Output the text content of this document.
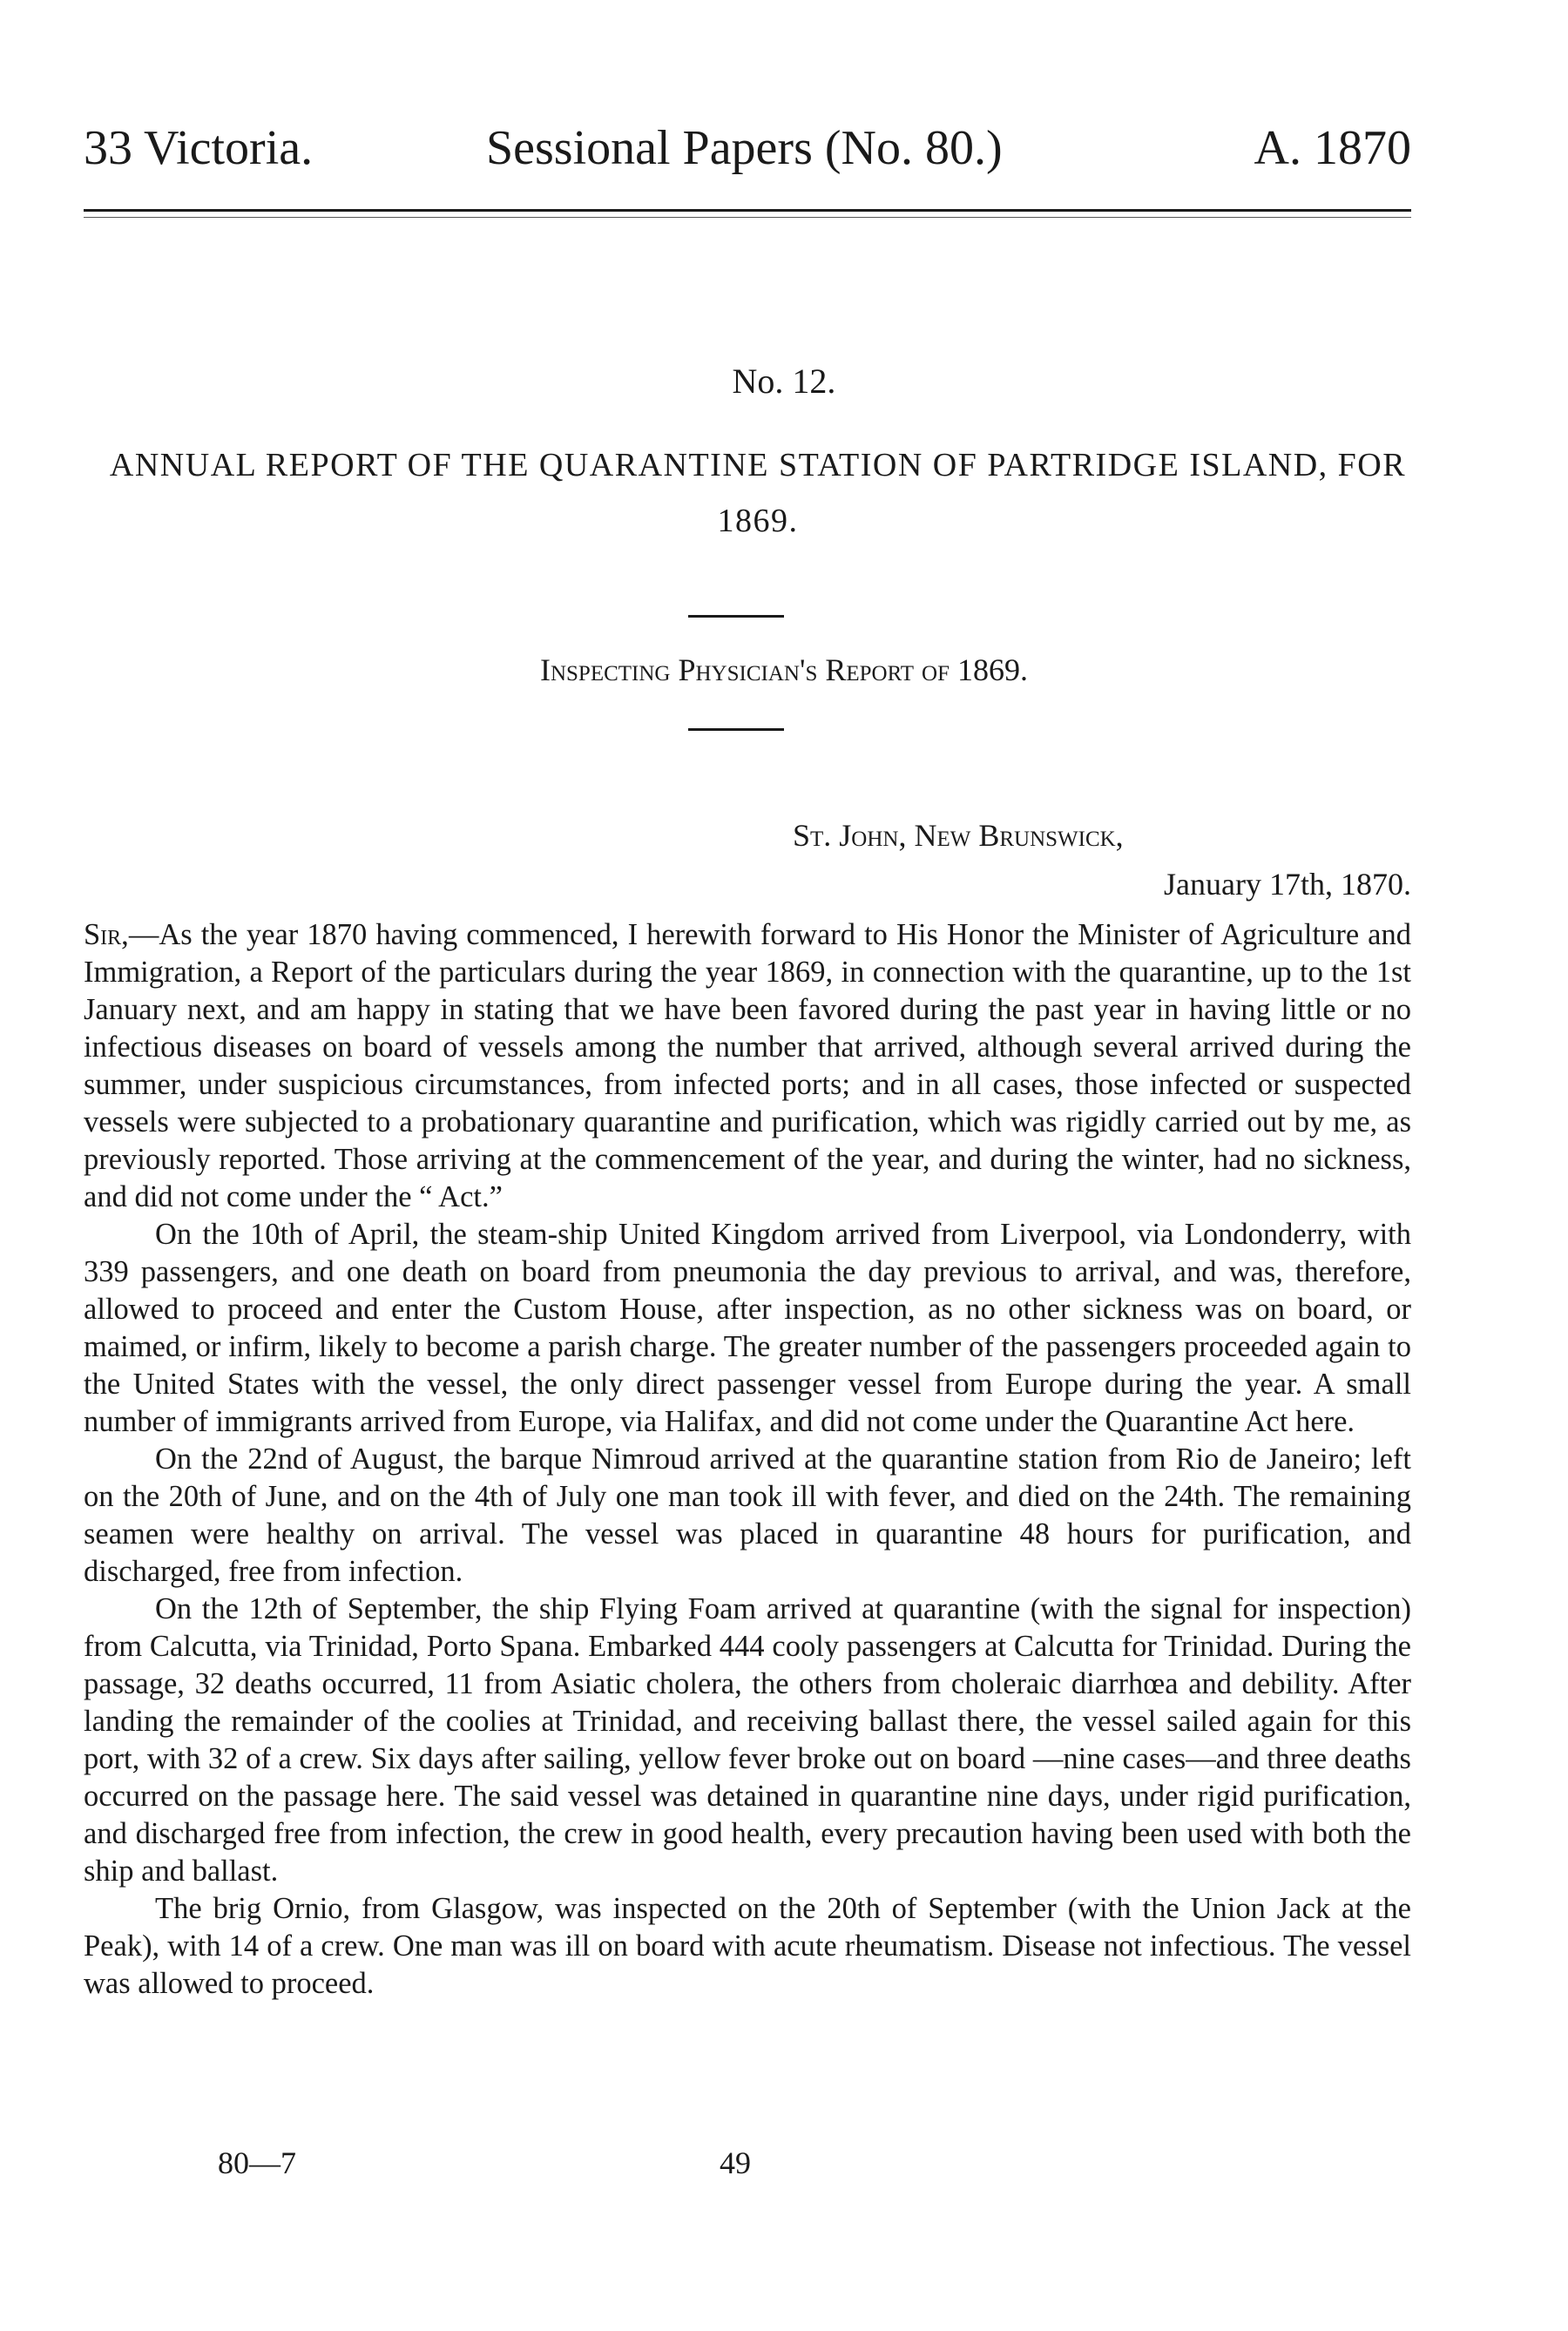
33 Victoria.	Sessional Papers (No. 80.)	A. 1870
No. 12.
ANNUAL REPORT OF THE QUARANTINE STATION OF PARTRIDGE ISLAND, FOR 1869.
Inspecting Physician's Report of 1869.
St. John, New Brunswick,
January 17th, 1870.

Sir,—As the year 1870 having commenced, I herewith forward to His Honor the Minister of Agriculture and Immigration, a Report of the particulars during the year 1869, in connection with the quarantine, up to the 1st January next, and am happy in stating that we have been favored during the past year in having little or no infectious diseases on board of vessels among the number that arrived, although several arrived during the summer, under suspicious circumstances, from infected ports; and in all cases, those infected or suspected vessels were subjected to a probationary quarantine and purification, which was rigidly carried out by me, as previously reported. Those arriving at the commencement of the year, and during the winter, had no sickness, and did not come under the “ Act.”

On the 10th of April, the steam-ship United Kingdom arrived from Liverpool, via Londonderry, with 339 passengers, and one death on board from pneumonia the day previous to arrival, and was, therefore, allowed to proceed and enter the Custom House, after inspection, as no other sickness was on board, or maimed, or infirm, likely to become a parish charge. The greater number of the passengers proceeded again to the United States with the vessel, the only direct passenger vessel from Europe during the year. A small number of immigrants arrived from Europe, via Halifax, and did not come under the Quarantine Act here.

On the 22nd of August, the barque Nimroud arrived at the quarantine station from Rio de Janeiro; left on the 20th of June, and on the 4th of July one man took ill with fever, and died on the 24th. The remaining seamen were healthy on arrival. The vessel was placed in quarantine 48 hours for purification, and discharged, free from infection.

On the 12th of September, the ship Flying Foam arrived at quarantine (with the signal for inspection) from Calcutta, via Trinidad, Porto Spana. Embarked 444 cooly passengers at Calcutta for Trinidad. During the passage, 32 deaths occurred, 11 from Asiatic cholera, the others from choleraic diarrhœa and debility. After landing the remainder of the coolies at Trinidad, and receiving ballast there, the vessel sailed again for this port, with 32 of a crew. Six days after sailing, yellow fever broke out on board —nine cases—and three deaths occurred on the passage here. The said vessel was detained in quarantine nine days, under rigid purification, and discharged free from infection, the crew in good health, every precaution having been used with both the ship and ballast.

The brig Ornio, from Glasgow, was inspected on the 20th of September (with the Union Jack at the Peak), with 14 of a crew. One man was ill on board with acute rheumatism. Disease not infectious. The vessel was allowed to proceed.

80—7	49
